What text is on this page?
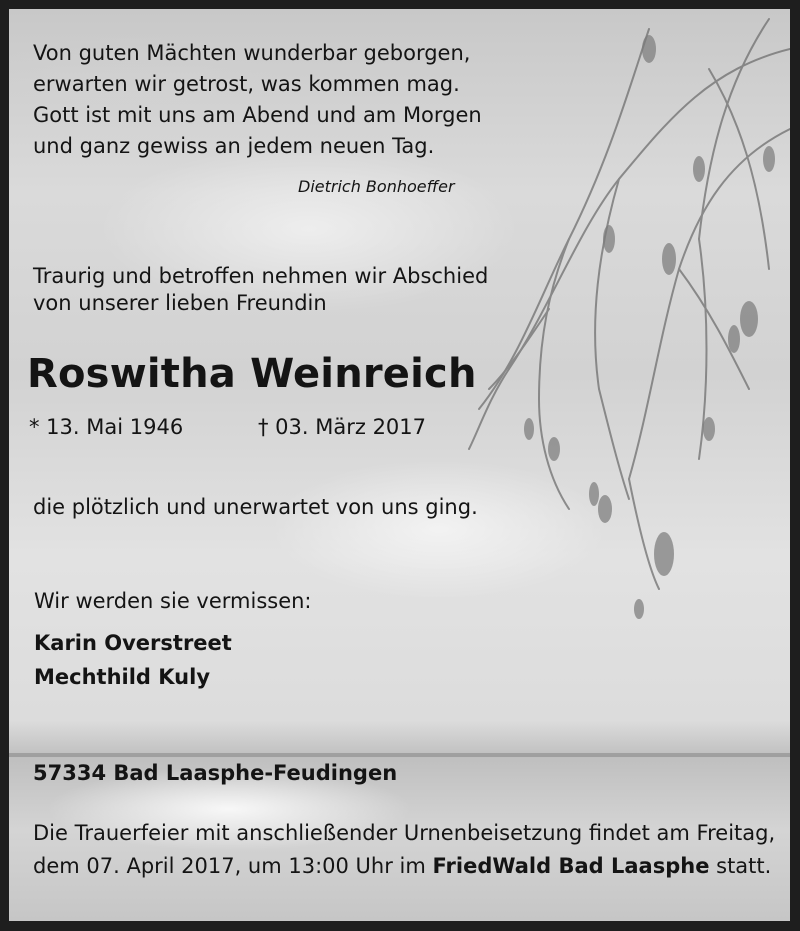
Von guten Mächten wunderbar geborgen,
erwarten wir getrost, was kommen mag.
Gott ist mit uns am Abend und am Morgen
und ganz gewiss an jedem neuen Tag.
Dietrich Bonhoeffer
Traurig und betroffen nehmen wir Abschied
von unserer lieben Freundin
Roswitha Weinreich
* 13. Mai 1946	† 03. März 2017
die plötzlich und unerwartet von uns ging.
Wir werden sie vermissen:
Karin Overstreet
Mechthild Kuly
57334 Bad Laasphe-Feudingen
Die Trauerfeier mit anschließender Urnenbeisetzung findet am Freitag,
dem 07. April 2017, um 13:00 Uhr im FriedWald Bad Laasphe statt.
